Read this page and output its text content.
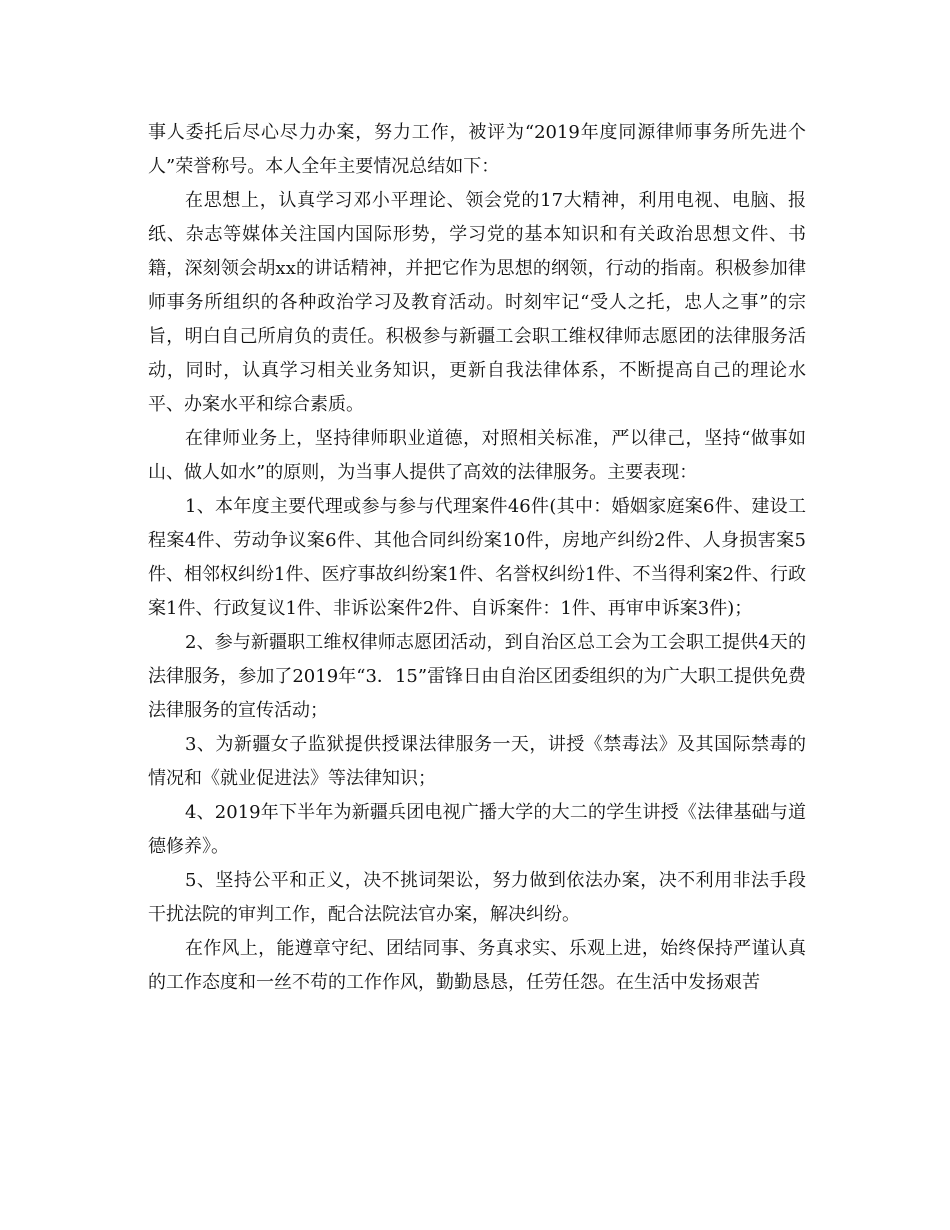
事人委托后尽心尽力办案，努力工作，被评为“2019年度同源律师事务所先进个人”荣誉称号。本人全年主要情况总结如下：

在思想上，认真学习邓小平理论、领会党的17大精神，利用电视、电脑、报纸、杂志等媒体关注国内国际形势，学习党的基本知识和有关政治思想文件、书籍，深刻领会胡xx的讲话精神，并把它作为思想的纲领，行动的指南。积极参加律师事务所组织的各种政治学习及教育活动。时刻牢记“受人之托，忠人之事”的宗旨，明白自己所肩负的责任。积极参与新疆工会职工维权律师志愿团的法律服务活动，同时，认真学习相关业务知识，更新自我法律体系，不断提高自己的理论水平、办案水平和综合素质。

在律师业务上，坚持律师职业道德，对照相关标准，严以律己，坚持“做事如山、做人如水”的原则，为当事人提供了高效的法律服务。主要表现：

1、本年度主要代理或参与参与代理案件46件(其中：婚姻家庭案6件、建设工程案4件、劳动争议案6件、其他合同纠纷案10件，房地产纠纷2件、人身损害案5件、相邻权纠纷1件、医疗事故纠纷案1件、名誉权纠纷1件、不当得利案2件、行政案1件、行政复议1件、非诉讼案件2件、自诉案件：1件、再审申诉案3件)；

2、参与新疆职工维权律师志愿团活动，到自治区总工会为工会职工提供4天的法律服务，参加了2019年“3．15”雷锋日由自治区团委组织的为广大职工提供免费法律服务的宣传活动；

3、为新疆女子监狱提供授课法律服务一天，讲授《禁毒法》及其国际禁毒的情况和《就业促进法》等法律知识；

4、2019年下半年为新疆兵团电视广播大学的大二的学生讲授《法律基础与道德修养》。

5、坚持公平和正义，决不挑词架讼，努力做到依法办案，决不利用非法手段干扰法院的审判工作，配合法院法官办案，解决纠纷。

在作风上，能遵章守纪、团结同事、务真求实、乐观上进，始终保持严谨认真的工作态度和一丝不苟的工作作风，勤勤恳恳，任劳任怨。在生活中发扬艰苦
